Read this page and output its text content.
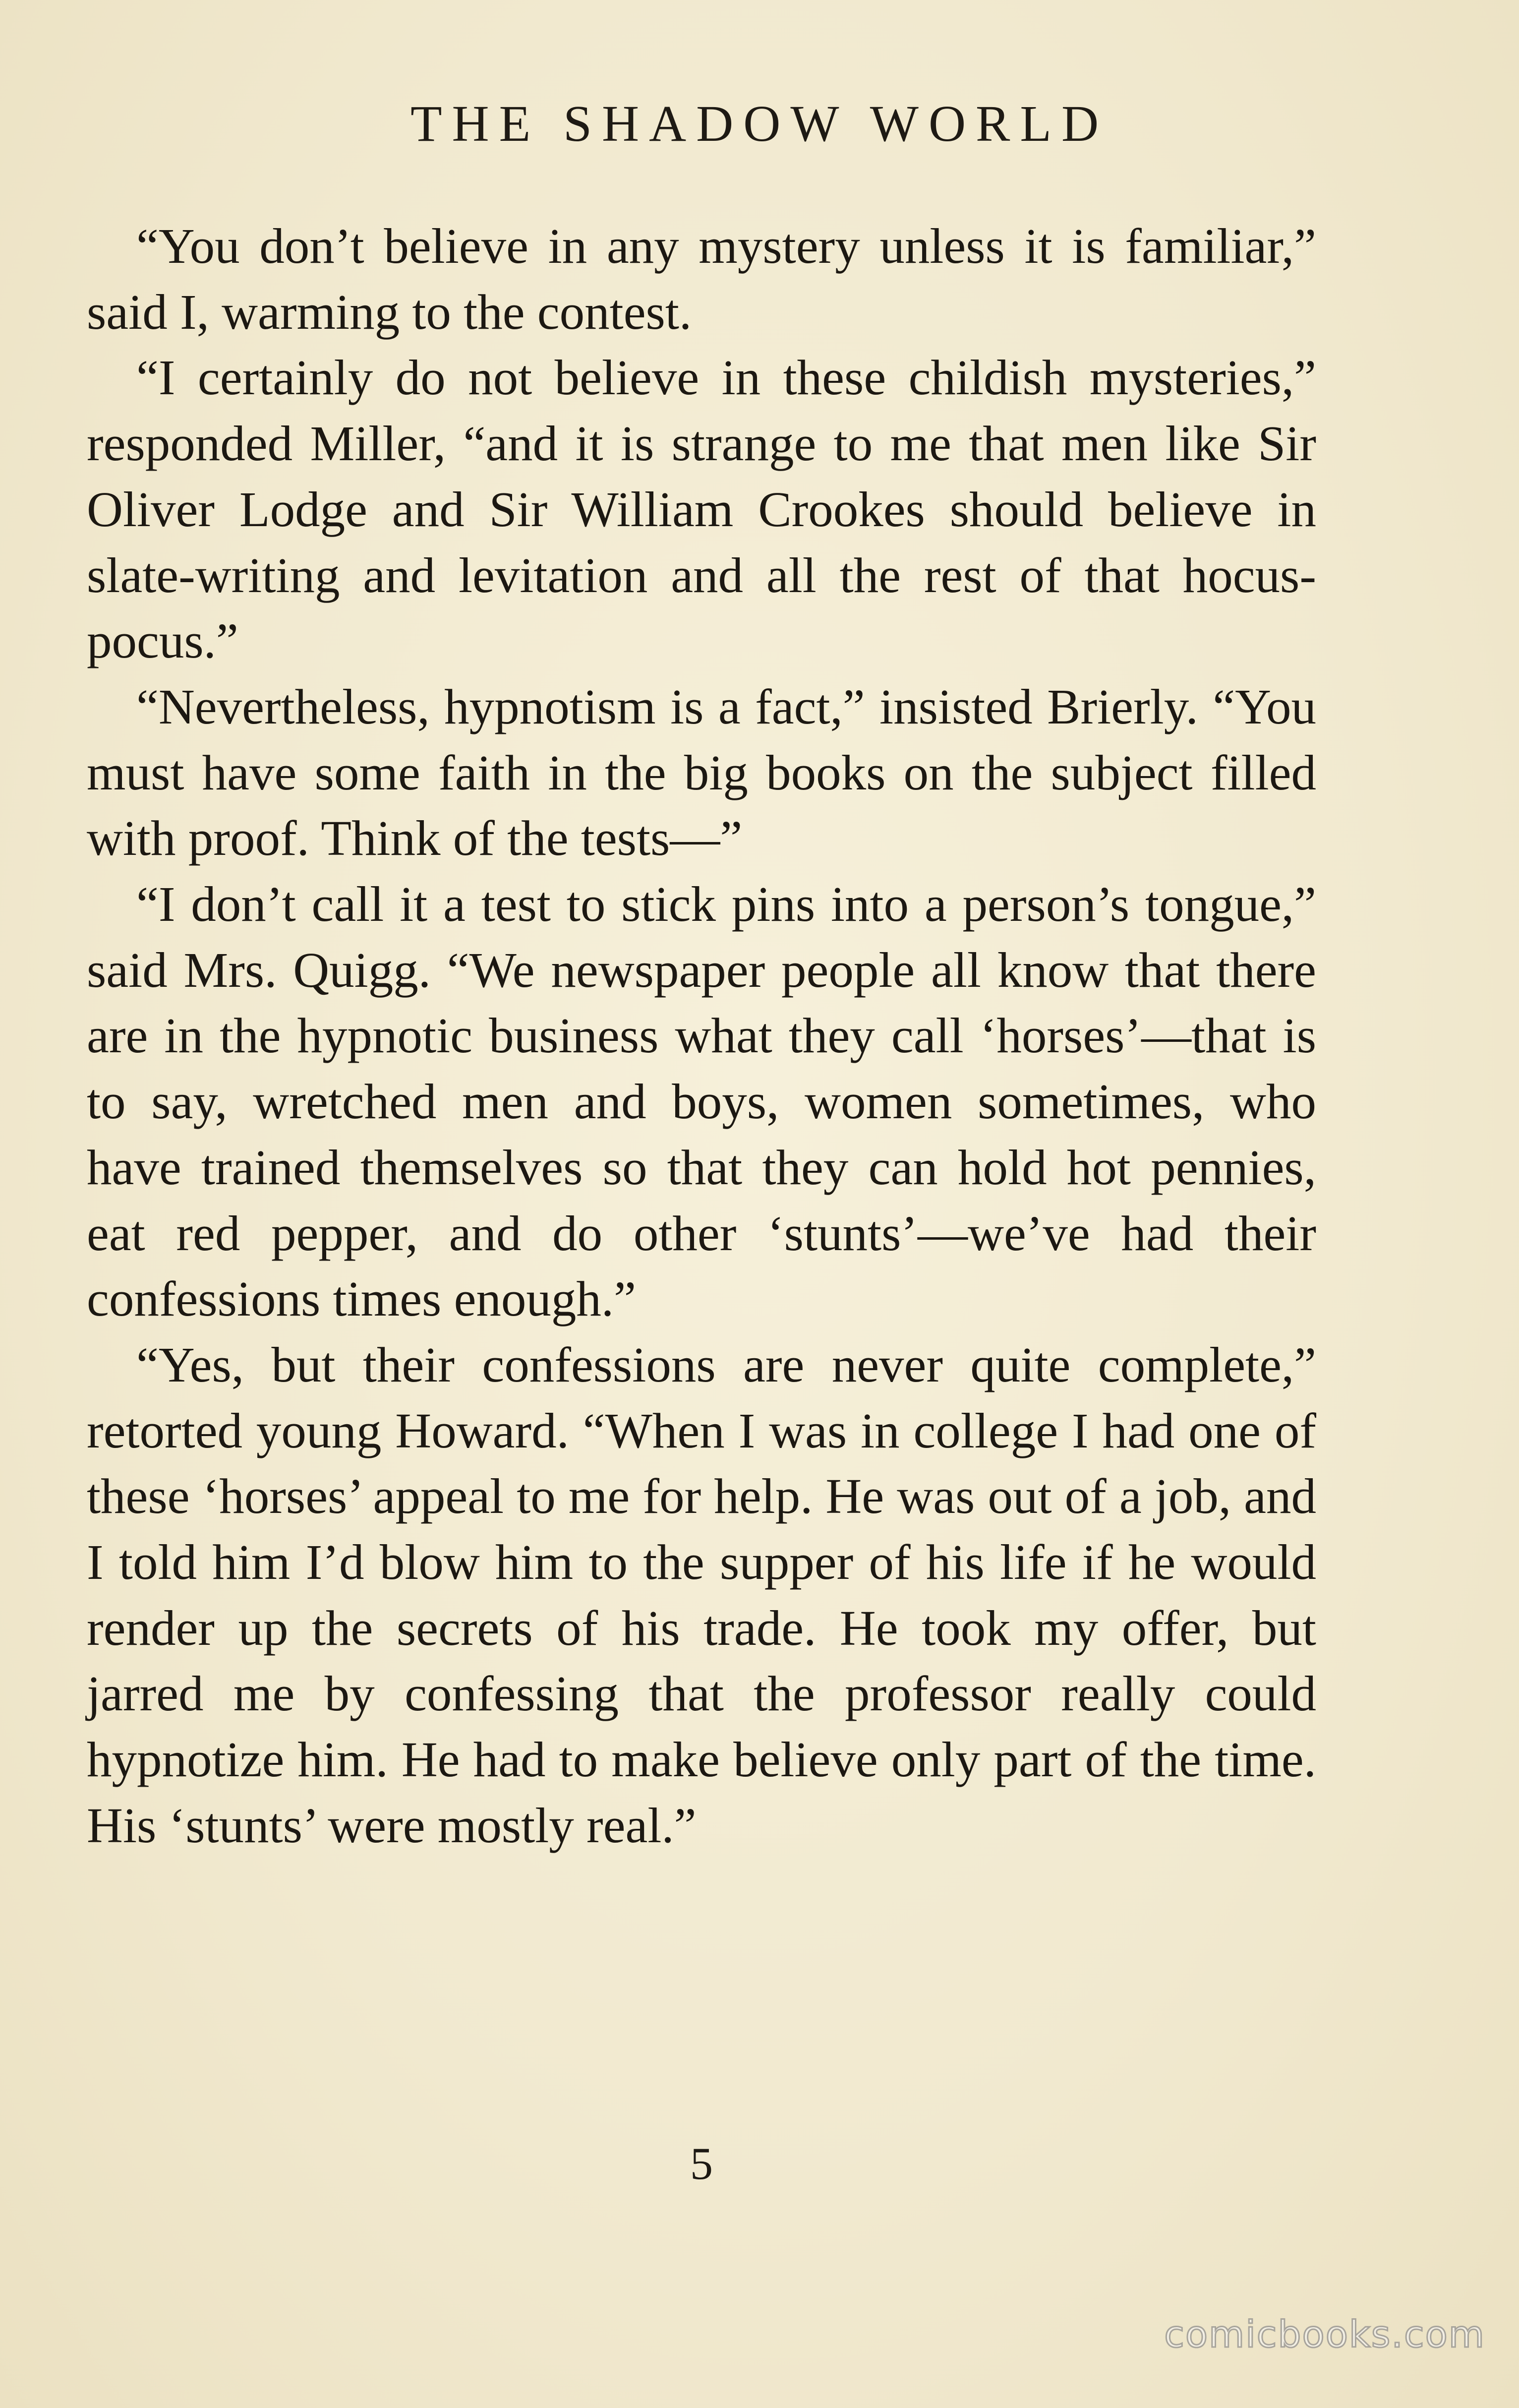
THE SHADOW WORLD

“You don’t believe in any mystery unless it is familiar,” said I, warming to the contest.

“I certainly do not believe in these childish mysteries,” responded Miller, “and it is strange to me that men like Sir Oliver Lodge and Sir William Crookes should believe in slate-writing and levitation and all the rest of that hocus-pocus.”

“Nevertheless, hypnotism is a fact,” insisted Brierly. “You must have some faith in the big books on the subject filled with proof. Think of the tests—”

“I don’t call it a test to stick pins into a person’s tongue,” said Mrs. Quigg. “We newspaper people all know that there are in the hypnotic business what they call ‘horses’—that is to say, wretched men and boys, women sometimes, who have trained themselves so that they can hold hot pennies, eat red pepper, and do other ‘stunts’—we’ve had their confessions times enough.”

“Yes, but their confessions are never quite complete,” retorted young Howard. “When I was in college I had one of these ‘horses’ appeal to me for help. He was out of a job, and I told him I’d blow him to the supper of his life if he would render up the secrets of his trade. He took my offer, but jarred me by confessing that the professor really could hypnotize him. He had to make believe only part of the time. His ‘stunts’ were mostly real.”

5
comicbooks.com
